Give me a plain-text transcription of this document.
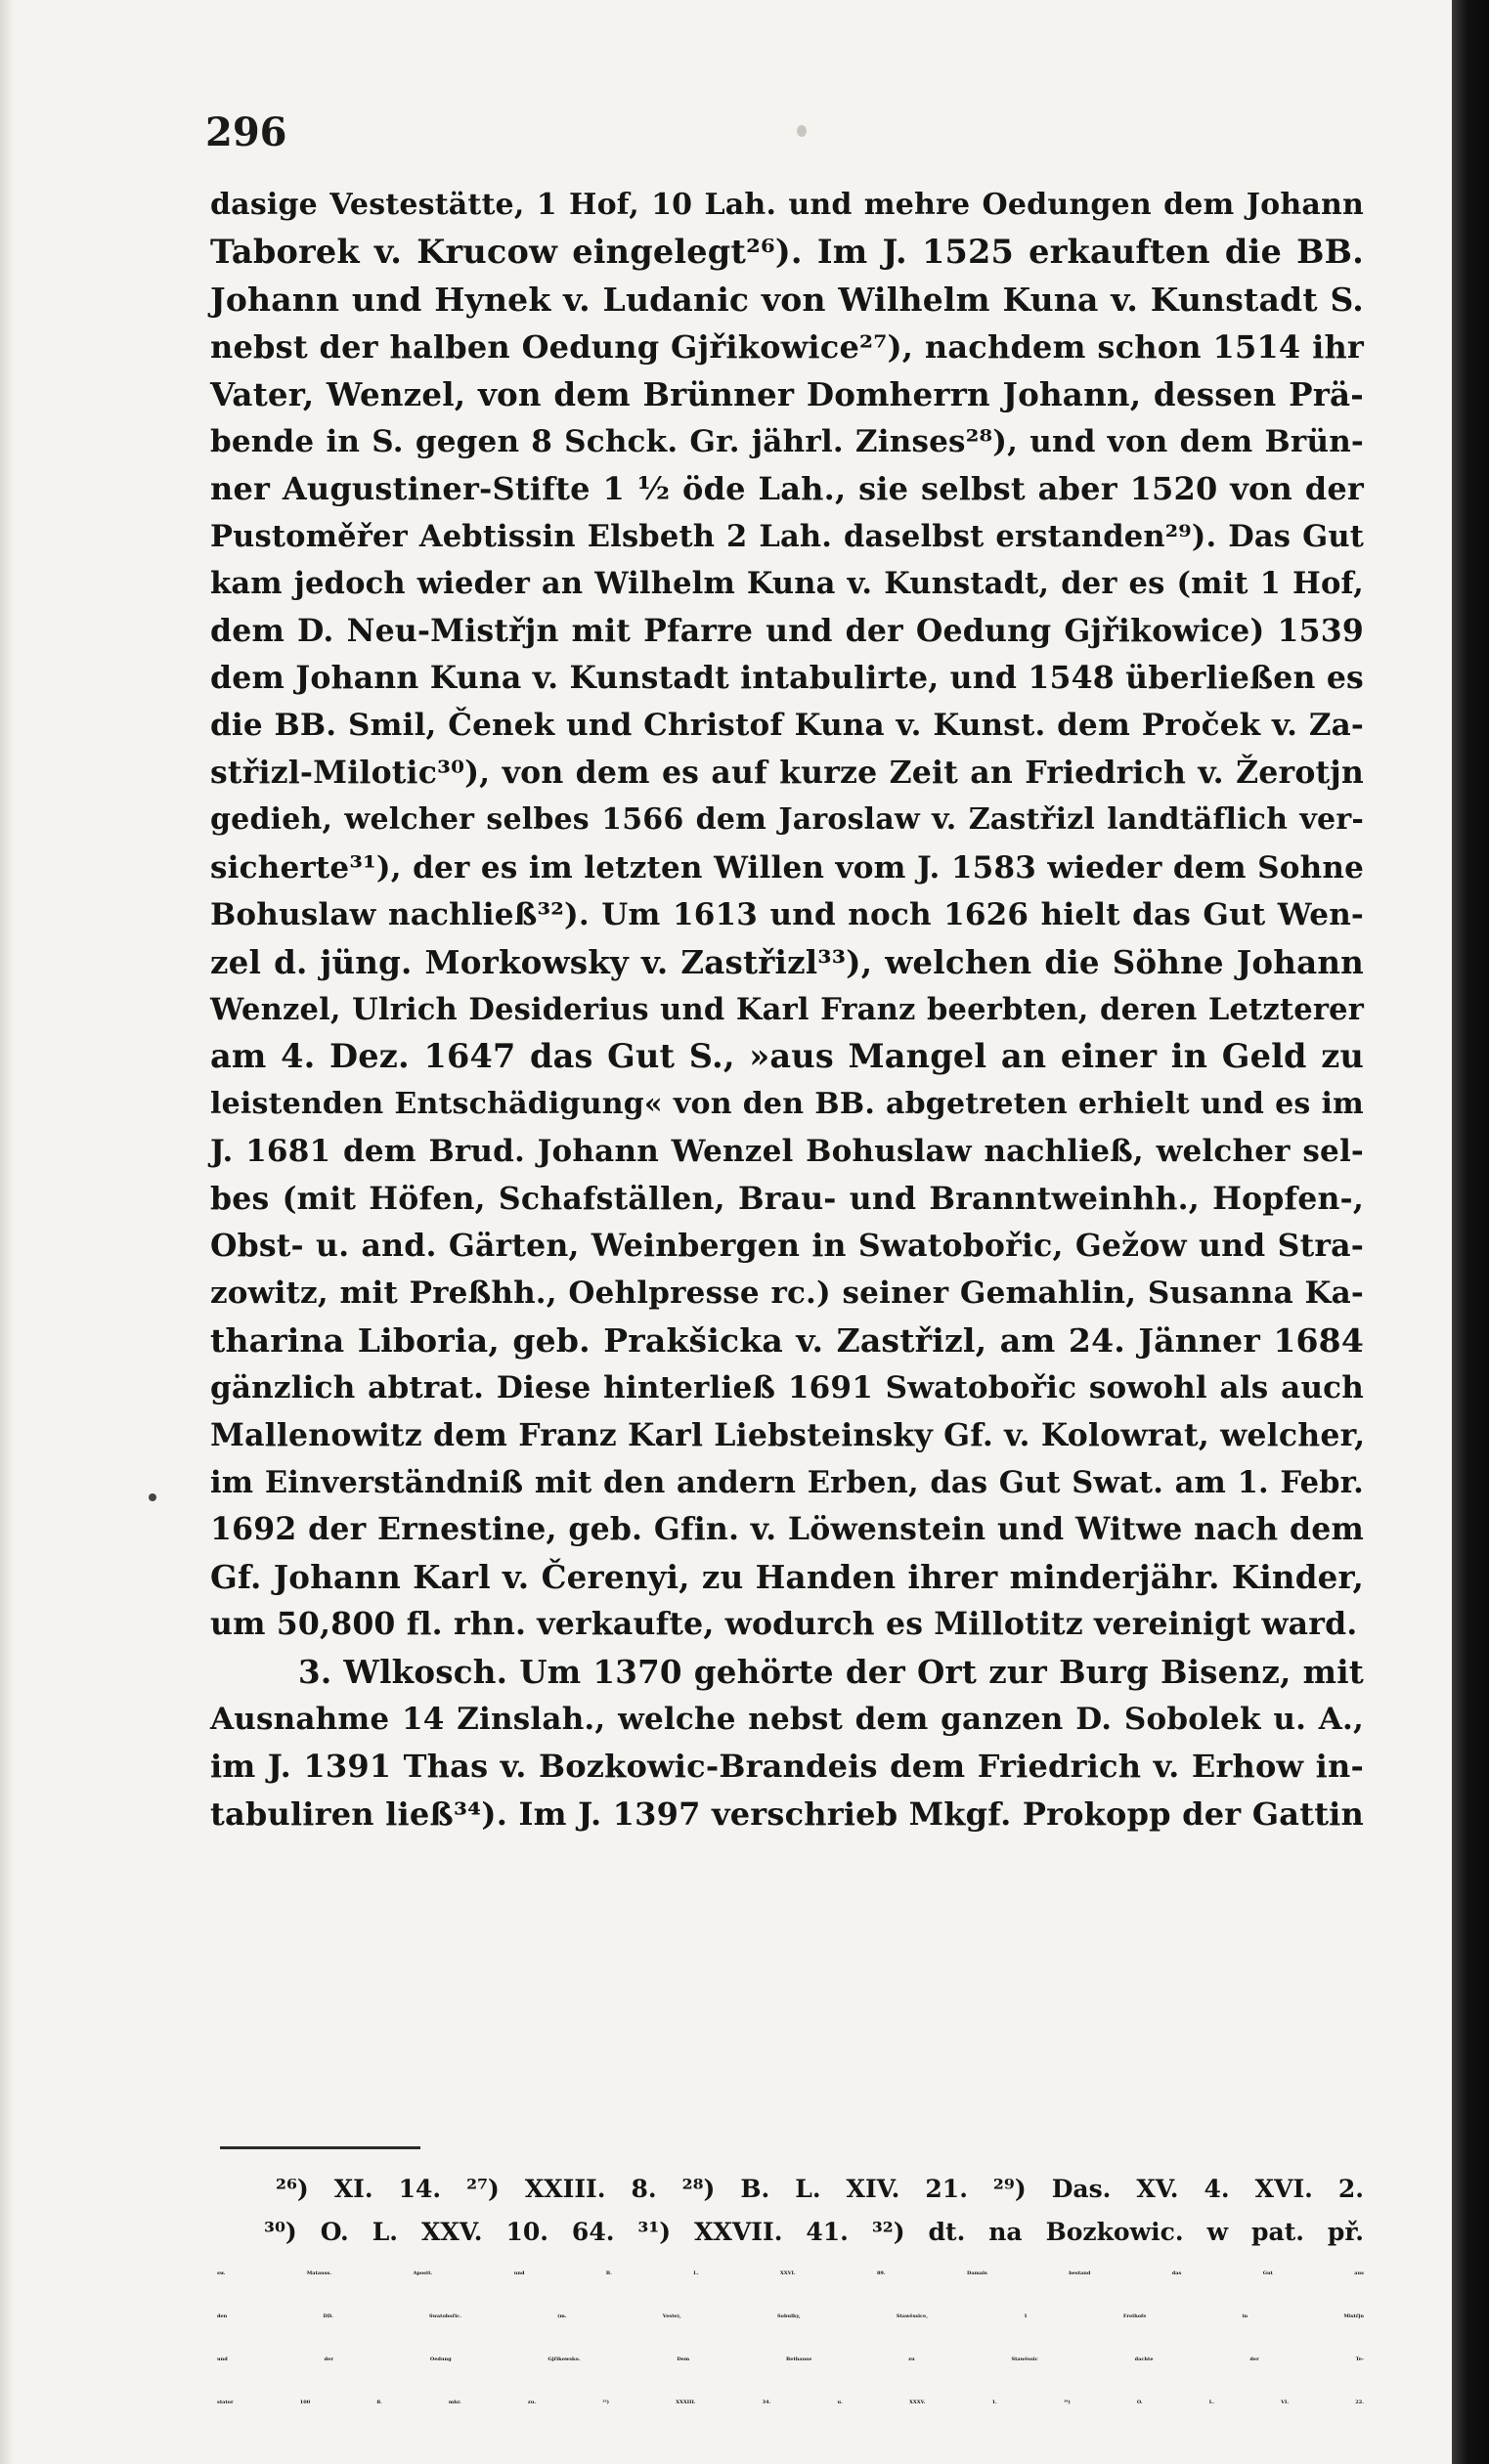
296
dasige Vestestätte, 1 Hof, 10 Lah. und mehre Oedungen dem Johann
Taborek v. Krucow eingelegt²⁶). Im J. 1525 erkauften die BB.
Johann und Hynek v. Ludanic von Wilhelm Kuna v. Kunstadt S.
nebst der halben Oedung Gjřikowice²⁷), nachdem schon 1514 ihr
Vater, Wenzel, von dem Brünner Domherrn Johann, dessen Prä-
bende in S. gegen 8 Schck. Gr. jährl. Zinses²⁸), und von dem Brün-
ner Augustiner-Stifte 1 ½ öde Lah., sie selbst aber 1520 von der
Pustoměřer Aebtissin Elsbeth 2 Lah. daselbst erstanden²⁹). Das Gut
kam jedoch wieder an Wilhelm Kuna v. Kunstadt, der es (mit 1 Hof,
dem D. Neu-Mistřjn mit Pfarre und der Oedung Gjřikowice) 1539
dem Johann Kuna v. Kunstadt intabulirte, und 1548 überließen es
die BB. Smil, Čenek und Christof Kuna v. Kunst. dem Proček v. Za-
střizl-Milotic³⁰), von dem es auf kurze Zeit an Friedrich v. Žerotjn
gedieh, welcher selbes 1566 dem Jaroslaw v. Zastřizl landtäflich ver-
sicherte³¹), der es im letzten Willen vom J. 1583 wieder dem Sohne
Bohuslaw nachließ³²). Um 1613 und noch 1626 hielt das Gut Wen-
zel d. jüng. Morkowsky v. Zastřizl³³), welchen die Söhne Johann
Wenzel, Ulrich Desiderius und Karl Franz beerbten, deren Letzterer
am 4. Dez. 1647 das Gut S., »aus Mangel an einer in Geld zu
leistenden Entschädigung« von den BB. abgetreten erhielt und es im
J. 1681 dem Brud. Johann Wenzel Bohuslaw nachließ, welcher sel-
bes (mit Höfen, Schafställen, Brau- und Branntweinhh., Hopfen-,
Obst- u. and. Gärten, Weinbergen in Swatobořic, Gežow und Stra-
zowitz, mit Preßhh., Oehlpresse rc.) seiner Gemahlin, Susanna Ka-
tharina Liboria, geb. Prakšicka v. Zastřizl, am 24. Jänner 1684
gänzlich abtrat. Diese hinterließ 1691 Swatobořic sowohl als auch
Mallenowitz dem Franz Karl Liebsteinsky Gf. v. Kolowrat, welcher,
im Einverständniß mit den andern Erben, das Gut Swat. am 1. Febr.
1692 der Ernestine, geb. Gfin. v. Löwenstein und Witwe nach dem
Gf. Johann Karl v. Čerenyi, zu Handen ihrer minderjähr. Kinder,
um 50,800 fl. rhn. verkaufte, wodurch es Millotitz vereinigt ward.
3. Wlkosch. Um 1370 gehörte der Ort zur Burg Bisenz, mit
Ausnahme 14 Zinslah., welche nebst dem ganzen D. Sobolek u. A.,
im J. 1391 Thas v. Bozkowic-Brandeis dem Friedrich v. Erhow in-
tabuliren ließ³⁴). Im J. 1397 verschrieb Mkgf. Prokopp der Gattin
²⁶) XI. 14. ²⁷) XXIII. 8. ²⁸) B. L. XIV. 21. ²⁹) Das. XV. 4. XVI. 2.
³⁰) O. L. XXV. 10. 64. ³¹) XXVII. 41. ³²) dt. na Bozkowic. w pat. př.
sw. Matauss. Apostt. und B. L. XXVI. 89. Damals bestand das Gut aus
den DD. Swatobořic. (m. Veste), Sobulky, Stawěssice, 1 Freihofe in Mistřjn
und der Oedung Gjřikowsko. Dem Bethause zu Stawěssic dachte der Te-
stator 100 fl. mhr. zu. ³³) XXXIII. 34. u. XXXV. 1. ³⁴) O. L. VI. 22.
